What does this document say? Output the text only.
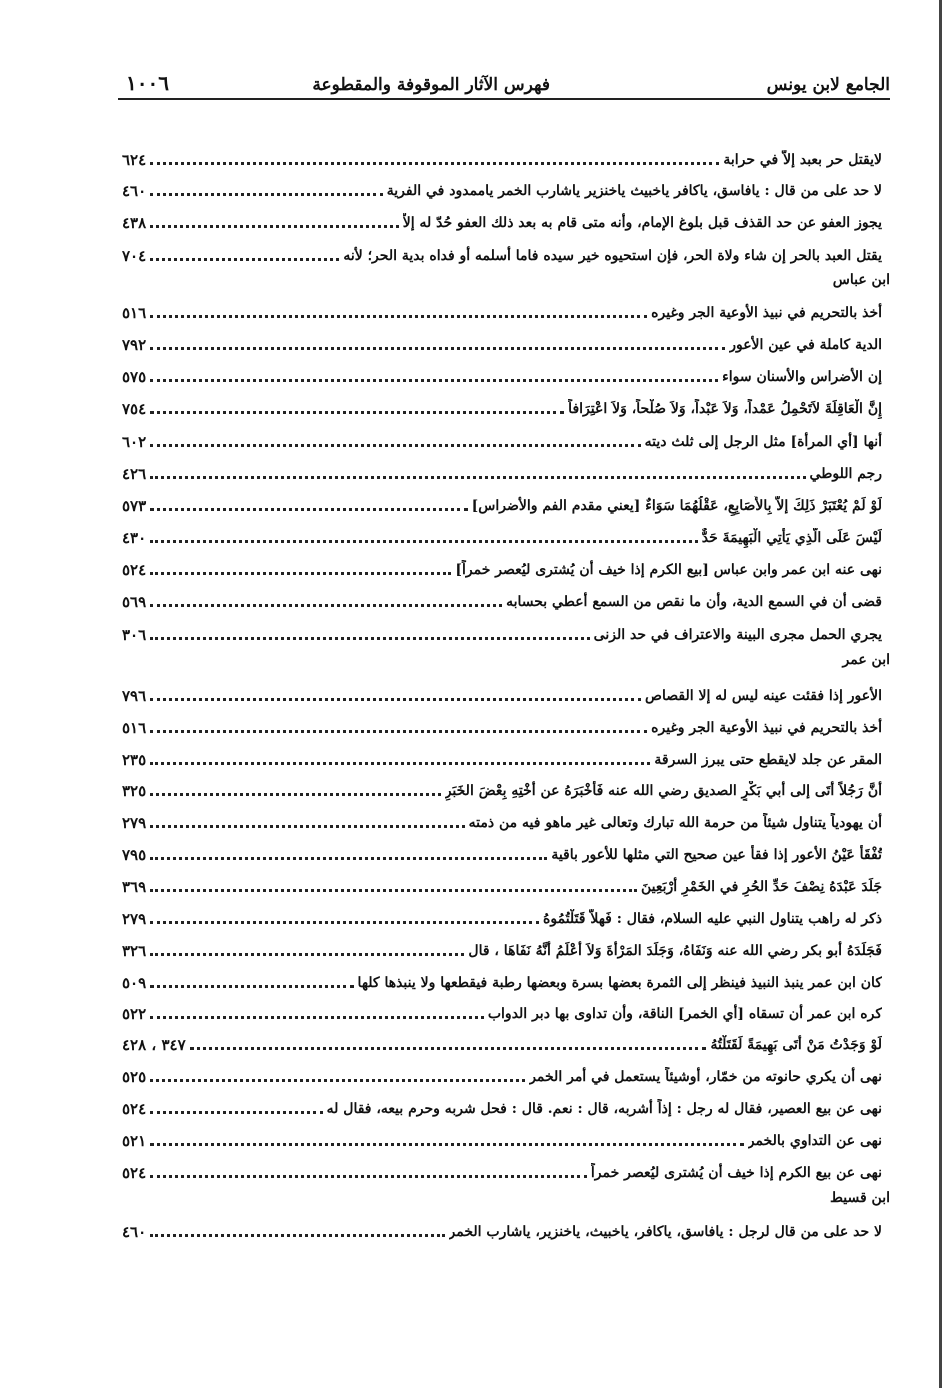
الجامع لابن يونس
فهرس الآثار الموقوفة والمقطوعة
١٠٠٦
لايقتل حر بعبد إلاّ في حرابة
٦٢٤
لا حد على من قال : يافاسق، ياكافر ياخبيث ياخنزير ياشارب الخمر ياممدود في الفرية
٤٦٠
يجوز العفو عن حد القذف قبل بلوغ الإمام، وأنه متى قام به بعد ذلك العفو حُدّ له إلاّ
٤٣٨
يقتل العبد بالحر إن شاء ولاة الحر، فإن استحيوه خير سيده فاما أسلمه أو فداه بدية الحر؛ لأنه
٧٠٤
ابن عباس
أخذ بالتحريم في نبيذ الأوعية الجر وغيره
٥١٦
الدية كاملة في عين الأعور
٧٩٢
إن الأضراس والأسنان سواء
٥٧٥
إِنَّ الْعَاقِلَةَ لاَتَحْمِلُ عَمْداً، وَلاَ عَبْداً، وَلاَ صُلْحاً، وَلاَ اعْتِرَافاً
٧٥٤
أنها [أي المرأة] مثل الرجل إلى ثلث ديته
٦٠٢
رجم اللوطي
٤٢٦
لَوْ لَمْ يُعْتَبَرْ ذَلِكَ إلاَّ بِالأَصَابِعِ، عَقْلُهُمَا سَوَاءٌ [يعني مقدم الفم والأضراس]
٥٧٣
لَيْسَ عَلَى الَّذِي يَأْتِي الْبَهِيمَةَ حَدٌّ
٤٣٠
نهى عنه ابن عمر وابن عباس [بيع الكرم إذا خيف أن يُشترى ليُعصر خمراً]
٥٢٤
قضى أن في السمع الدية، وأن ما نقص من السمع أعطي بحسابه
٥٦٩
يجري الحمل مجرى البينة والاعتراف في حد الزنى
٣٠٦
ابن عمر
الأعور إذا فقئت عينه ليس له إلا القصاص
٧٩٦
أخذ بالتحريم في نبيذ الأوعية الجر وغيره
٥١٦
المقر عن جلد لايقطع حتى يبرز السرقة
٢٣٥
أنَّ رَجُلاً أَتَى إلى أبي بَكْرٍ الصديق رضي الله عنه فَأخْبَرَهُ عن أُخْتِهِ بِعْضَ الخَبَرِ
٣٢٥
أن يهودياً يتناول شيئاً من حرمة الله تبارك وتعالى غير ماهو فيه من ذمته
٢٧٩
تُفْقَأُ عَيْنُ الأعور إذا فقأ عين صحيح التي مثلها للأعور باقية
٧٩٥
جَلَدَ عَبْدَهُ نِصْفَ حَدِّ الحُرِ في الخَمْرِ أَرْبَعِينَ
٣٦٩
ذكر له راهب يتناول النبي عليه السلام، فقال : فَهلاَّ قَتَلْتُمُوهُ
٢٧٩
فَجَلَدَهُ أبو بكر رضي الله عنه وَنَفَاهُ، وَجَلَدَ المَرْأَةَ وَلاَ أَعْلَمُ أَنَّهُ نَفَاهَا ، قال
٣٢٦
كان ابن عمر ينبذ النبيذ فينظر إلى الثمرة بعضها بسرة وبعضها رطبة فيقطعها ولا ينبذها كلها
٥٠٩
كره ابن عمر أن تسقاه [أي الخمر] الناقة، وأن تداوى بها دبر الدواب
٥٢٢
لَوْ وَجَدْتُ مَنْ أَتَى بَهِيمَةً لَقَتَلْتُهُ
٣٤٧ ، ٤٢٨
نهى أن يكري حانوته من خمّار، أوشيئاً يستعمل في أمر الخمر
٥٢٥
نهى عن بيع العصير، فقال له رجل : إذاً أشربه، قال : نعم. قال : فحل شربه وحرم بيعه، فقال له
٥٢٤
نهى عن التداوي بالخمر
٥٢١
نهى عن بيع الكرم إذا خيف أن يُشترى ليُعصر خمراً
٥٢٤
ابن قسيط
لا حد على من قال لرجل : يافاسق، ياكافر، ياخبيث، ياخنزير، ياشارب الخمر
٤٦٠
